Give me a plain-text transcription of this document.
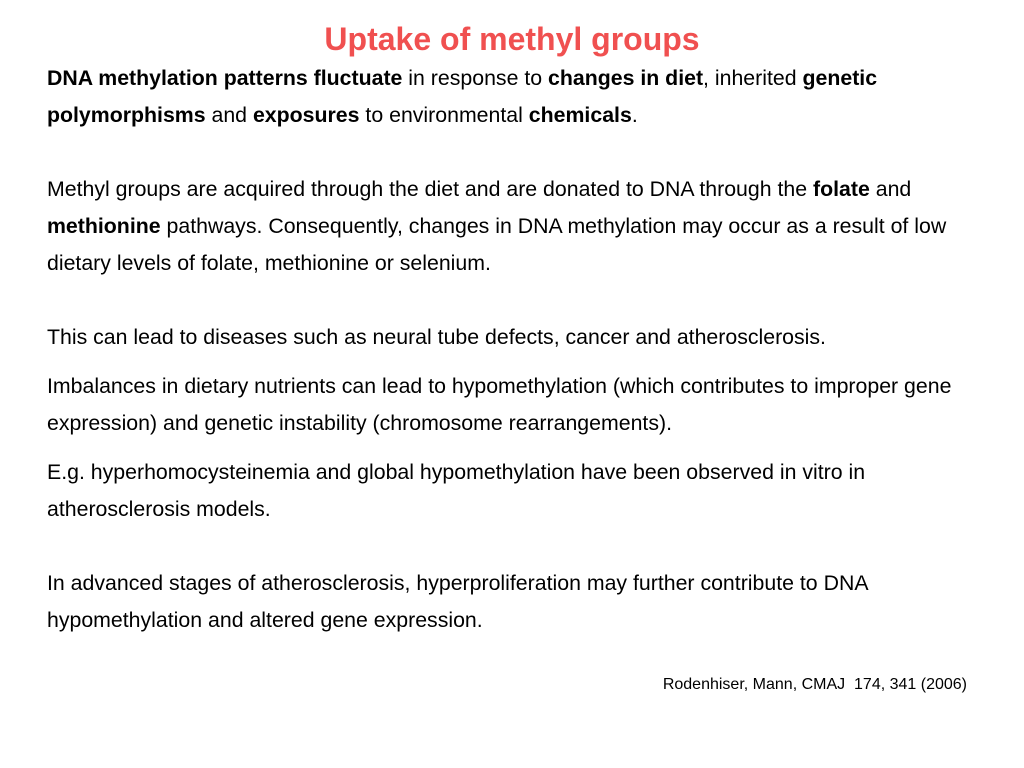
Uptake of methyl groups

DNA methylation patterns fluctuate in response to changes in diet, inherited genetic polymorphisms and exposures to environmental chemicals.

Methyl groups are acquired through the diet and are donated to DNA through the folate and methionine pathways. Consequently, changes in DNA methylation may occur as a result of low dietary levels of folate, methionine or selenium.

This can lead to diseases such as neural tube defects, cancer and atherosclerosis.

Imbalances in dietary nutrients can lead to hypomethylation (which contributes to improper gene expression) and genetic instability (chromosome rearrangements).

E.g. hyperhomocysteinemia and global hypomethylation have been observed in vitro in atherosclerosis models.

In advanced stages of atherosclerosis, hyperproliferation may further contribute to DNA hypomethylation and altered gene expression.

Rodenhiser, Mann, CMAJ  174, 341 (2006)
